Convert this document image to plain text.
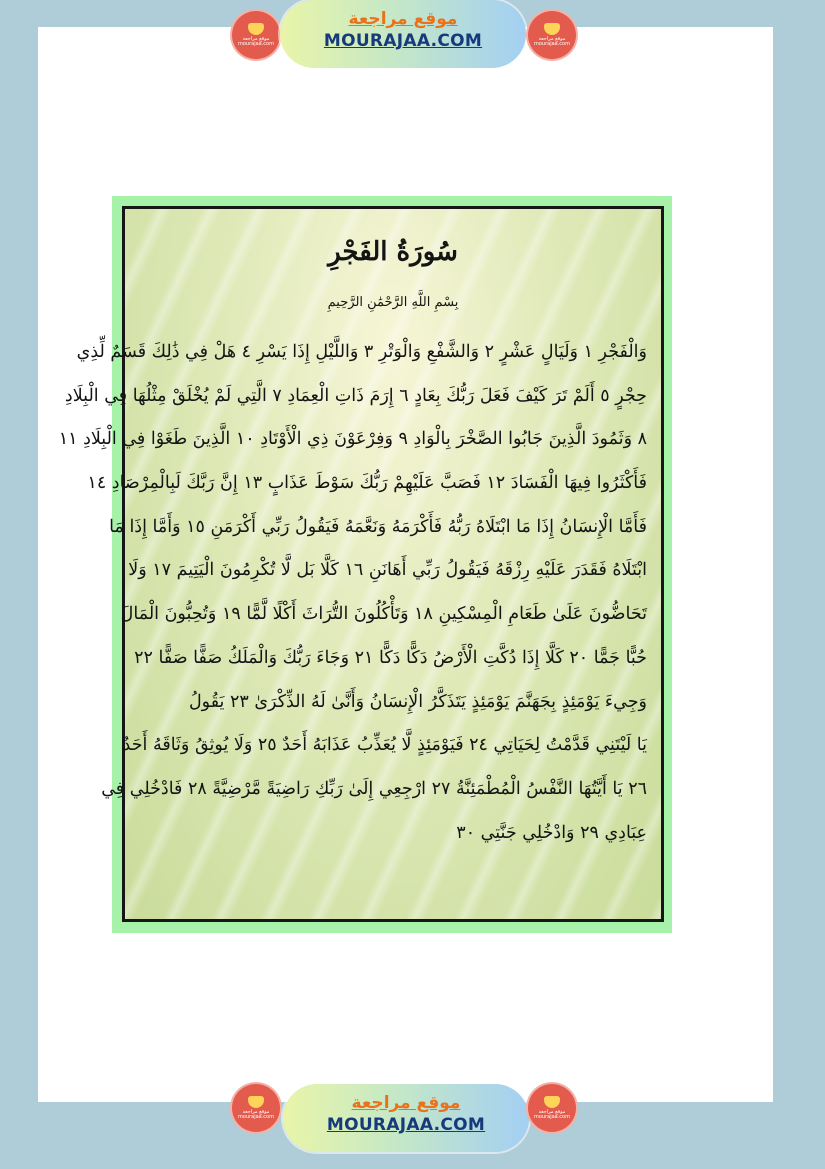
موقع مراجعة
mourajaa.com
موقع مراجعة
MOURAJAA.COM	موقع مراجعة
mourajaa.com
سُورَةُ الفَجْرِ
بِسْمِ اللَّهِ الرَّحْمَٰنِ الرَّحِيمِ
وَالْفَجْرِ ١ وَلَيَالٍ عَشْرٍ ٢ وَالشَّفْعِ وَالْوَتْرِ ٣ وَاللَّيْلِ إِذَا يَسْرِ ٤ هَلْ فِي ذَٰلِكَ قَسَمٌ لِّذِي
حِجْرٍ ٥ أَلَمْ تَرَ كَيْفَ فَعَلَ رَبُّكَ بِعَادٍ ٦ إِرَمَ ذَاتِ الْعِمَادِ ٧ الَّتِي لَمْ يُخْلَقْ مِثْلُهَا فِي الْبِلَادِ
٨ وَثَمُودَ الَّذِينَ جَابُوا الصَّخْرَ بِالْوَادِ ٩ وَفِرْعَوْنَ ذِي الْأَوْتَادِ ١٠ الَّذِينَ طَغَوْا فِي الْبِلَادِ ١١
فَأَكْثَرُوا فِيهَا الْفَسَادَ ١٢ فَصَبَّ عَلَيْهِمْ رَبُّكَ سَوْطَ عَذَابٍ ١٣ إِنَّ رَبَّكَ لَبِالْمِرْصَادِ ١٤
فَأَمَّا الْإِنسَانُ إِذَا مَا ابْتَلَاهُ رَبُّهُ فَأَكْرَمَهُ وَنَعَّمَهُ فَيَقُولُ رَبِّي أَكْرَمَنِ ١٥ وَأَمَّا إِذَا مَا
ابْتَلَاهُ فَقَدَرَ عَلَيْهِ رِزْقَهُ فَيَقُولُ رَبِّي أَهَانَنِ ١٦ كَلَّا بَل لَّا تُكْرِمُونَ الْيَتِيمَ ١٧ وَلَا
تَحَاضُّونَ عَلَىٰ طَعَامِ الْمِسْكِينِ ١٨ وَتَأْكُلُونَ التُّرَاثَ أَكْلًا لَّمًّا ١٩ وَتُحِبُّونَ الْمَالَ
حُبًّا جَمًّا ٢٠ كَلَّا إِذَا دُكَّتِ الْأَرْضُ دَكًّا دَكًّا ٢١ وَجَاءَ رَبُّكَ وَالْمَلَكُ صَفًّا صَفًّا ٢٢
وَجِيءَ يَوْمَئِذٍ بِجَهَنَّمَ يَوْمَئِذٍ يَتَذَكَّرُ الْإِنسَانُ وَأَنَّىٰ لَهُ الذِّكْرَىٰ ٢٣ يَقُولُ
يَا لَيْتَنِي قَدَّمْتُ لِحَيَاتِي ٢٤ فَيَوْمَئِذٍ لَّا يُعَذِّبُ عَذَابَهُ أَحَدٌ ٢٥ وَلَا يُوثِقُ وَثَاقَهُ أَحَدٌ
٢٦ يَا أَيَّتُهَا النَّفْسُ الْمُطْمَئِنَّةُ ٢٧ ارْجِعِي إِلَىٰ رَبِّكِ رَاضِيَةً مَّرْضِيَّةً ٢٨ فَادْخُلِي فِي
عِبَادِي ٢٩ وَادْخُلِي جَنَّتِي ٣٠
موقع مراجعة
mourajaa.com
موقع مراجعة
MOURAJAA.COM
موقع مراجعة
mourajaa.com
